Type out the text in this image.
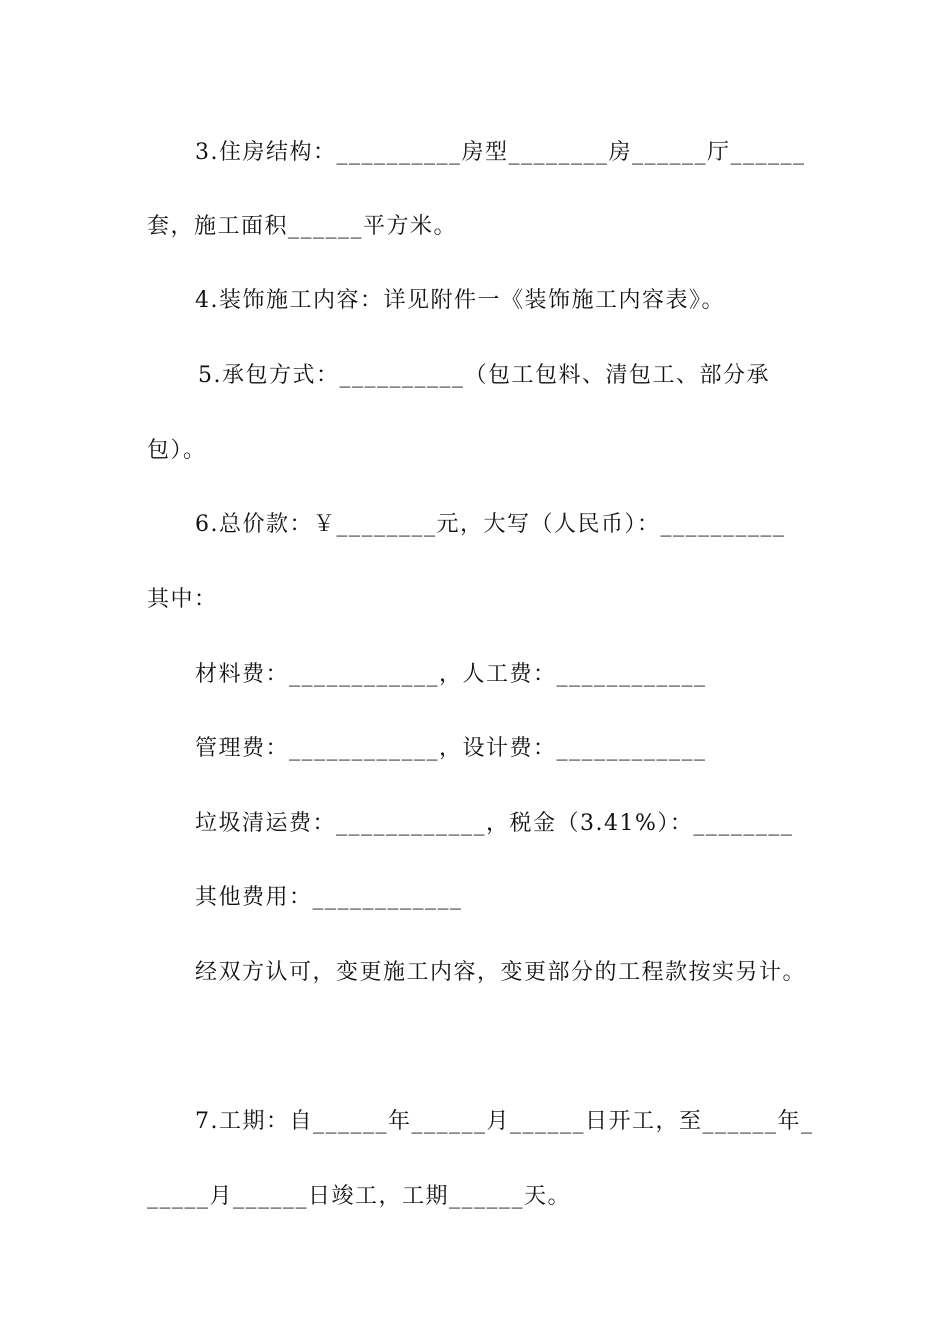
3.住房结构：__________房型________房______厅______
套，施工面积______平方米。
4.装饰施工内容：详见附件一《装饰施工内容表》。
5.承包方式：__________（包工包料、清包工、部分承
包）。
6.总价款：￥________元，大写（人民币）：__________
其中：
材料费：____________，人工费：____________
管理费：____________，设计费：____________
垃圾清运费：____________，税金（3.41%）：________
其他费用：____________
经双方认可，变更施工内容，变更部分的工程款按实另计。
7.工期：自______年______月______日开工，至______年_
_____月______日竣工，工期______天。
